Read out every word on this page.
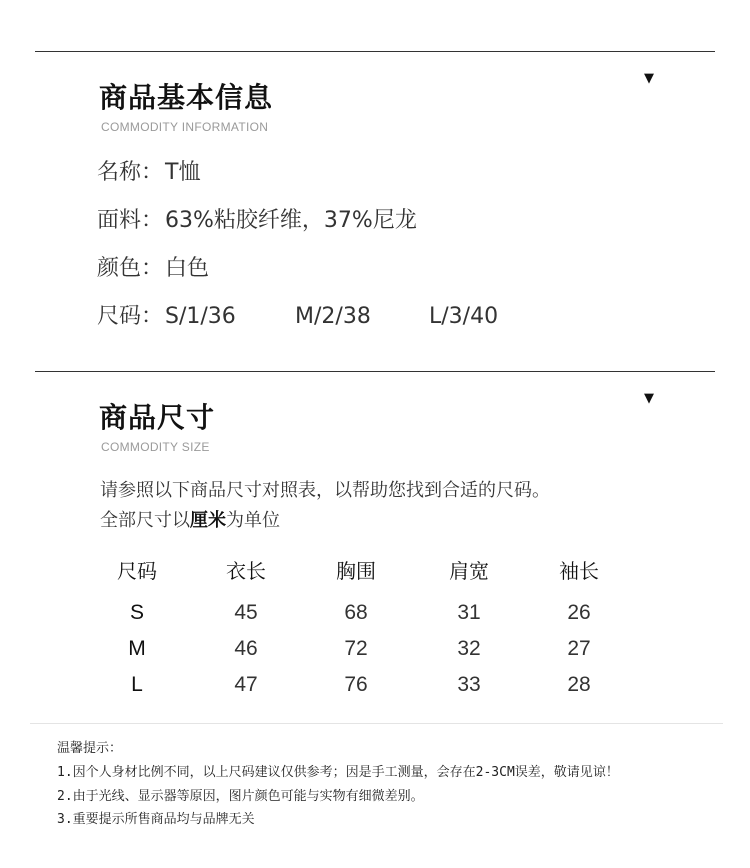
▼
商品基本信息
COMMODITY INFORMATION
名称：T恤
面料：63%粘胶纤维，37%尼龙
颜色：白色
尺码：S/1/36	M/2/38	L/3/40
▼
商品尺寸
COMMODITY SIZE
请参照以下商品尺寸对照表，以帮助您找到合适的尺码。
全部尺寸以厘米为单位
尺码	衣长	胸围	肩宽	袖长
S	45	68	31	26
M	46	72	32	27
L	47	76	33	28
温馨提示：
1.因个人身材比例不同，以上尺码建议仅供参考；因是手工测量，会存在2-3CM误差，敬请见谅！
2.由于光线、显示器等原因，图片颜色可能与实物有细微差别。
3.重要提示所售商品均与品牌无关
